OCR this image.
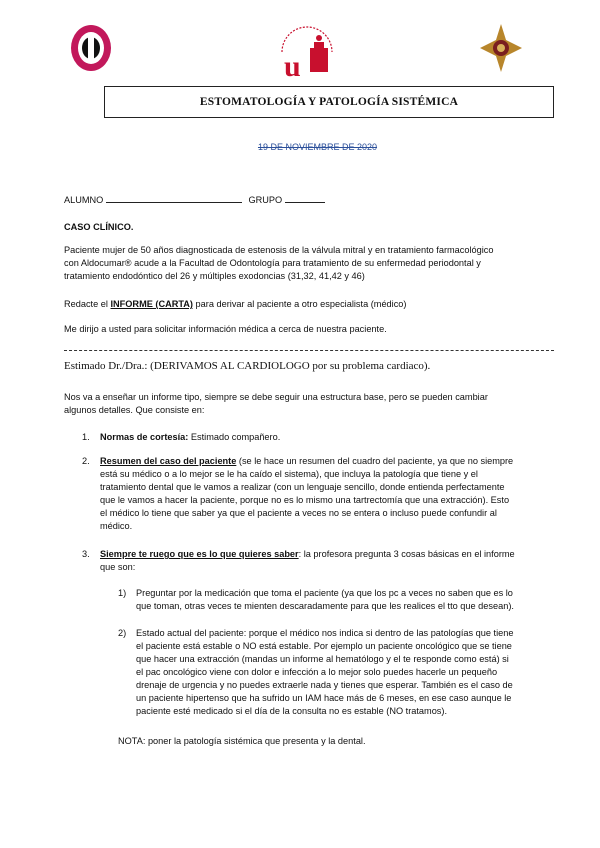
u
ESTOMATOLOGÍA Y PATOLOGÍA SISTÉMICA
19 DE NOVIEMBRE DE 2020
ALUMNO	GRUPO
CASO CLÍNICO.
Paciente mujer de 50 años diagnosticada de estenosis de la válvula mitral y en tratamiento farmacológico
con Aldocumar® acude a la Facultad de Odontología para tratamiento de su enfermedad periodontal y
tratamiento endodóntico del 26 y múltiples exodoncias (31,32, 41,42 y 46)
Redacte el INFORME (CARTA) para derivar al paciente a otro especialista (médico)
Me dirijo a usted para solicitar información médica a cerca de nuestra paciente.
Estimado Dr./Dra.: (DERIVAMOS AL CARDIOLOGO por su problema cardiaco).
Nos va a enseñar un informe tipo, siempre se debe seguir una estructura base, pero se pueden cambiar
algunos detalles. Que consiste en:
1. Normas de cortesía: Estimado compañero.
2. Resumen del caso del paciente (se le hace un resumen del cuadro del paciente, ya que no siempre
está su médico o a lo mejor se le ha caído el sistema), que incluya la patología que tiene y el
tratamiento dental que le vamos a realizar (con un lenguaje sencillo, donde entienda perfectamente
que le vamos a hacer la paciente, porque no es lo mismo una tartrectomía que una extracción). Esto
el médico lo tiene que saber ya que el paciente a veces no se entera o incluso puede confundir al
médico.
3. Siempre te ruego que es lo que quieres saber: la profesora pregunta 3 cosas básicas en el informe
que son:
1) Preguntar por la medicación que toma el paciente (ya que los pc a veces no saben que es lo
que toman, otras veces te mienten descaradamente para que les realices el tto que desean).
2) Estado actual del paciente: porque el médico nos indica si dentro de las patologías que tiene
el paciente está estable o NO está estable. Por ejemplo un paciente oncológico que se tiene
que hacer una extracción (mandas un informe al hematólogo y el te responde como está) si
el pac oncológico viene con dolor e infección a lo mejor solo puedes hacerle un pequeño
drenaje de urgencia y no puedes extraerle nada y tienes que esperar. También es el caso de
un paciente hipertenso que ha sufrido un IAM hace más de 6 meses, en ese caso aunque le
paciente esté medicado si el día de la consulta no es estable (NO tratamos).
NOTA: poner la patología sistémica que presenta y la dental.
